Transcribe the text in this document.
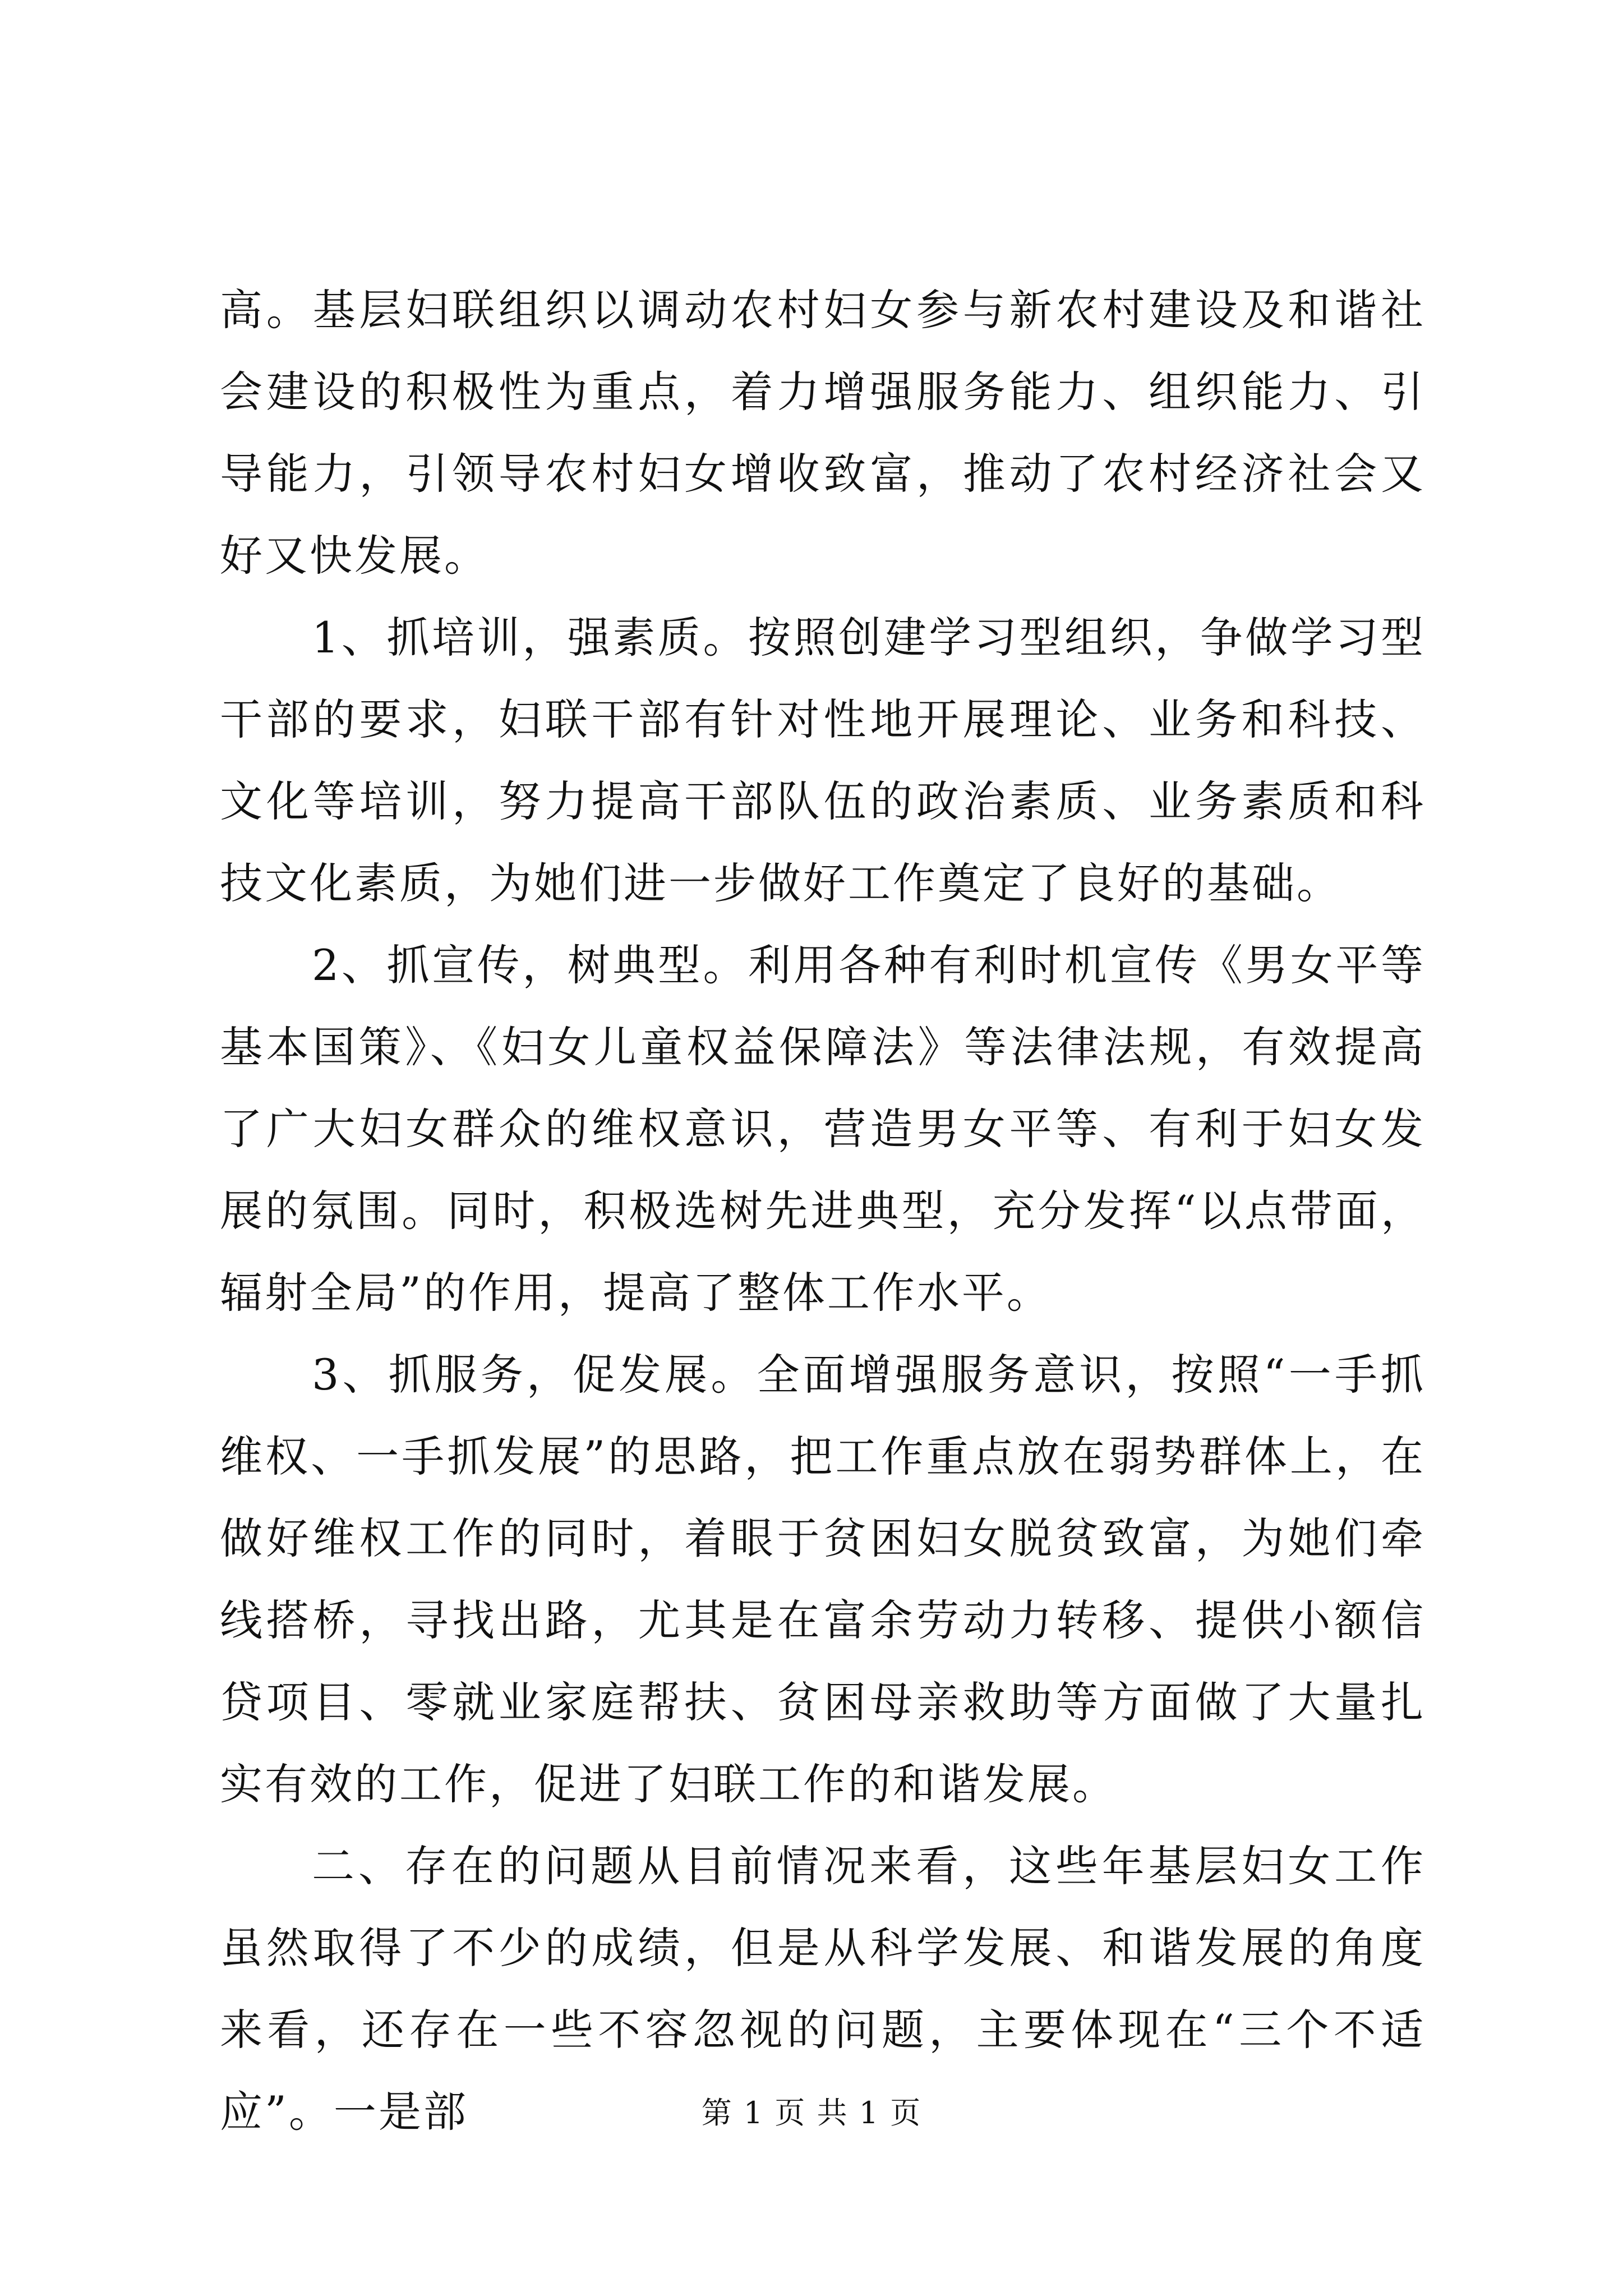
高。基层妇联组织以调动农村妇女参与新农村建设及和谐社会建设的积极性为重点，着力增强服务能力、组织能力、引导能力，引领导农村妇女增收致富，推动了农村经济社会又好又快发展。

1、抓培训，强素质。按照创建学习型组织，争做学习型干部的要求，妇联干部有针对性地开展理论、业务和科技、文化等培训，努力提高干部队伍的政治素质、业务素质和科技文化素质，为她们进一步做好工作奠定了良好的基础。

2、抓宣传，树典型。利用各种有利时机宣传《男女平等基本国策》、《妇女儿童权益保障法》等法律法规，有效提高了广大妇女群众的维权意识，营造男女平等、有利于妇女发展的氛围。同时，积极选树先进典型，充分发挥“以点带面，辐射全局”的作用，提高了整体工作水平。

3、抓服务，促发展。全面增强服务意识，按照“一手抓维权、一手抓发展”的思路，把工作重点放在弱势群体上，在做好维权工作的同时，着眼于贫困妇女脱贫致富，为她们牵线搭桥，寻找出路，尤其是在富余劳动力转移、提供小额信贷项目、零就业家庭帮扶、贫困母亲救助等方面做了大量扎实有效的工作，促进了妇联工作的和谐发展。

二、存在的问题从目前情况来看，这些年基层妇女工作虽然取得了不少的成绩，但是从科学发展、和谐发展的角度来看，还存在一些不容忽视的问题，主要体现在“三个不适应”。一是部	第 1 页 共 1 页
